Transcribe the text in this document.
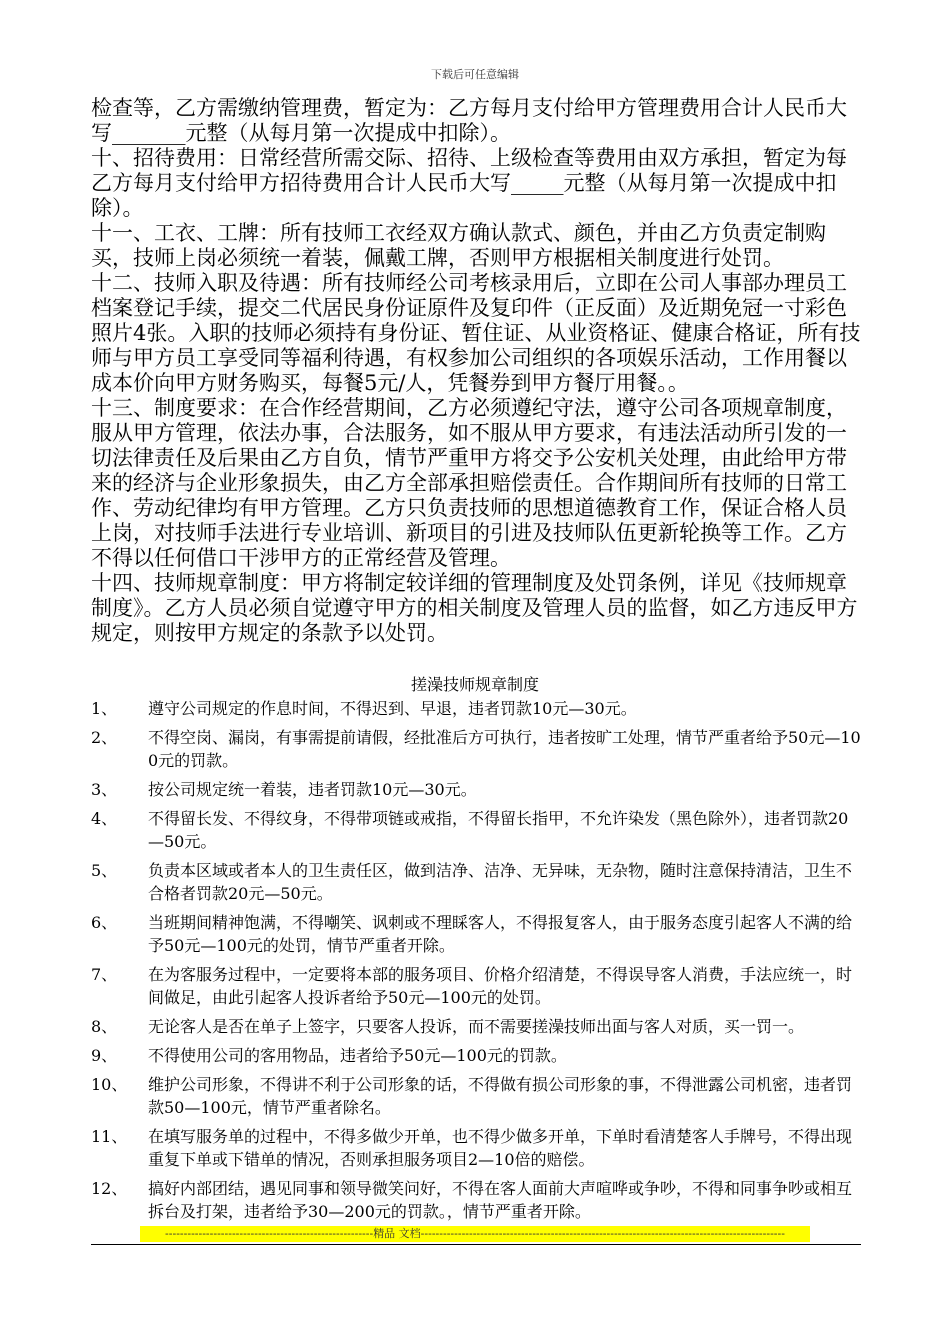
下载后可任意编辑

检查等，乙方需缴纳管理费，暂定为：乙方每月支付给甲方管理费用合计人民币大写_______元整（从每月第一次提成中扣除）。

十、招待费用：日常经营所需交际、招待、上级检查等费用由双方承担，暂定为每乙方每月支付给甲方招待费用合计人民币大写_____元整（从每月第一次提成中扣除）。

十一、工衣、工牌：所有技师工衣经双方确认款式、颜色，并由乙方负责定制购买，技师上岗必须统一着装，佩戴工牌，否则甲方根据相关制度进行处罚。

十二、技师入职及待遇：所有技师经公司考核录用后，立即在公司人事部办理员工档案登记手续，提交二代居民身份证原件及复印件（正反面）及近期免冠一寸彩色照片4张。入职的技师必须持有身份证、暂住证、从业资格证、健康合格证，所有技师与甲方员工享受同等福利待遇，有权参加公司组织的各项娱乐活动，工作用餐以成本价向甲方财务购买，每餐5元/人，凭餐券到甲方餐厅用餐。。

十三、制度要求：在合作经营期间，乙方必须遵纪守法，遵守公司各项规章制度，服从甲方管理，依法办事，合法服务，如不服从甲方要求，有违法活动所引发的一切法律责任及后果由乙方自负，情节严重甲方将交予公安机关处理，由此给甲方带来的经济与企业形象损失，由乙方全部承担赔偿责任。合作期间所有技师的日常工作、劳动纪律均有甲方管理。乙方只负责技师的思想道德教育工作，保证合格人员上岗，对技师手法进行专业培训、新项目的引进及技师队伍更新轮换等工作。乙方不得以任何借口干涉甲方的正常经营及管理。

十四、技师规章制度：甲方将制定较详细的管理制度及处罚条例，详见《技师规章制度》。乙方人员必须自觉遵守甲方的相关制度及管理人员的监督，如乙方违反甲方规定，则按甲方规定的条款予以处罚。

搓澡技师规章制度
1、 遵守公司规定的作息时间，不得迟到、早退，违者罚款10元—30元。
2、 不得空岗、漏岗，有事需提前请假，经批准后方可执行，违者按旷工处理，情节严重者给予50元—100元的罚款。
3、 按公司规定统一着装，违者罚款10元—30元。
4、 不得留长发、不得纹身，不得带项链或戒指，不得留长指甲，不允许染发（黑色除外），违者罚款20—50元。
5、 负责本区域或者本人的卫生责任区，做到洁净、洁净、无异味，无杂物，随时注意保持清洁，卫生不合格者罚款20元—50元。
6、 当班期间精神饱满，不得嘲笑、讽刺或不理睬客人，不得报复客人，由于服务态度引起客人不满的给予50元—100元的处罚，情节严重者开除。
7、 在为客服务过程中，一定要将本部的服务项目、价格介绍清楚，不得误导客人消费，手法应统一，时间做足，由此引起客人投诉者给予50元—100元的处罚。
8、 无论客人是否在单子上签字，只要客人投诉，而不需要搓澡技师出面与客人对质，买一罚一。
9、 不得使用公司的客用物品，违者给予50元—100元的罚款。
10、 维护公司形象，不得讲不利于公司形象的话，不得做有损公司形象的事，不得泄露公司机密，违者罚款50—100元，情节严重者除名。
11、 在填写服务单的过程中，不得多做少开单，也不得少做多开单，下单时看清楚客人手牌号，不得出现重复下单或下错单的情况，否则承担服务项目2—10倍的赔偿。
12、 搞好内部团结，遇见同事和领导微笑问好，不得在客人面前大声喧哗或争吵，不得和同事争吵或相互拆台及打架，违者给予30—200元的罚款。，情节严重者开除。
--------------------------------------------------------精品 文档--------------------------------------------------------------------------------------------------
